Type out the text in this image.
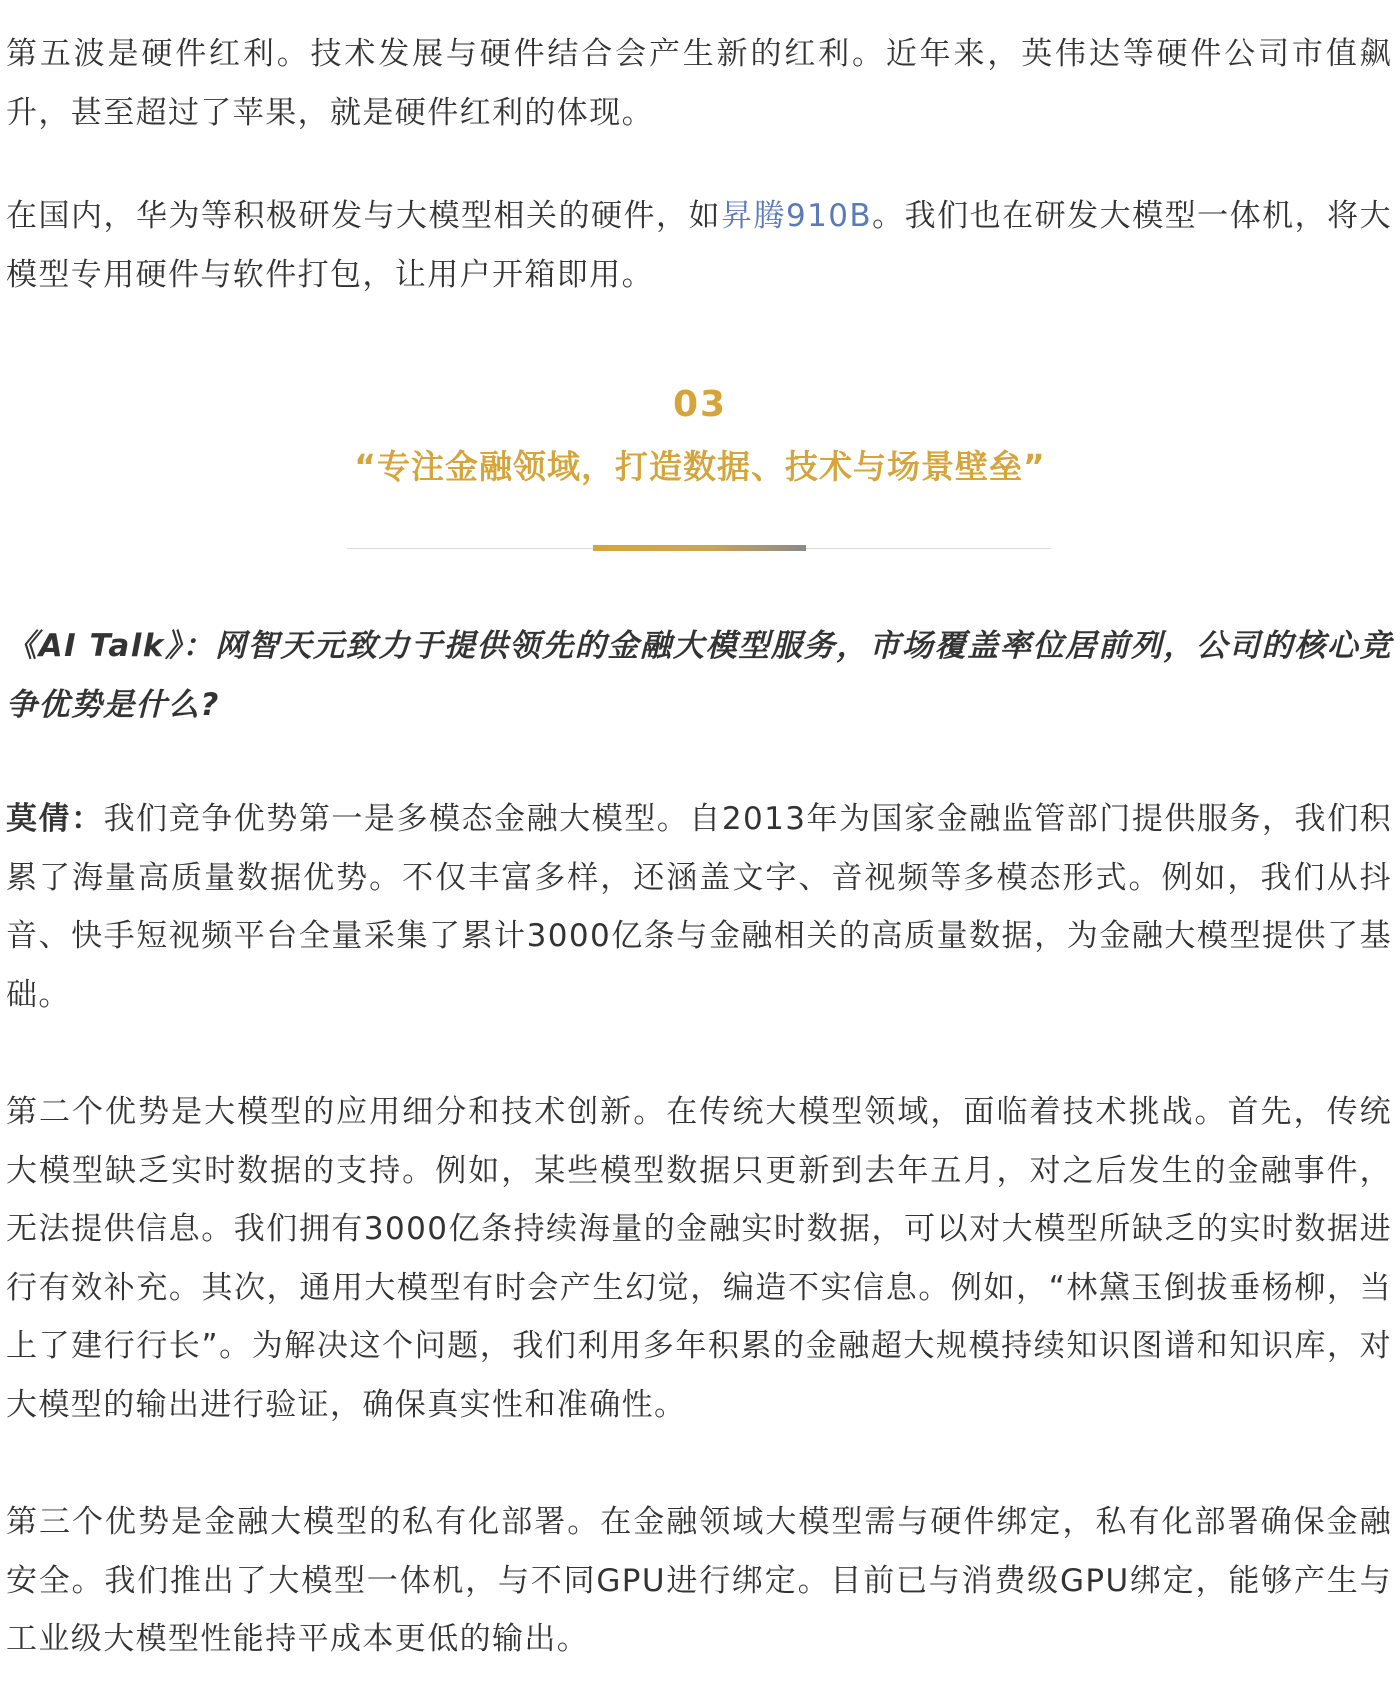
第五波是硬件红利。技术发展与硬件结合会产生新的红利。近年来，英伟达等硬件公司市值飙升，甚至超过了苹果，就是硬件红利的体现。

在国内，华为等积极研发与大模型相关的硬件，如昇腾910B。我们也在研发大模型一体机，将大模型专用硬件与软件打包，让用户开箱即用。

03
“专注金融领域，打造数据、技术与场景壁垒”

《AI Talk》：网智天元致力于提供领先的金融大模型服务，市场覆盖率位居前列，公司的核心竞争优势是什么?

莫倩：我们竞争优势第一是多模态金融大模型。自2013年为国家金融监管部门提供服务，我们积累了海量高质量数据优势。不仅丰富多样，还涵盖文字、音视频等多模态形式。例如，我们从抖音、快手短视频平台全量采集了累计3000亿条与金融相关的高质量数据，为金融大模型提供了基础。

第二个优势是大模型的应用细分和技术创新。在传统大模型领域，面临着技术挑战。首先，传统大模型缺乏实时数据的支持。例如，某些模型数据只更新到去年五月，对之后发生的金融事件，无法提供信息。我们拥有3000亿条持续海量的金融实时数据，可以对大模型所缺乏的实时数据进行有效补充。其次，通用大模型有时会产生幻觉，编造不实信息。例如，“林黛玉倒拔垂杨柳，当上了建行行长”。为解决这个问题，我们利用多年积累的金融超大规模持续知识图谱和知识库，对大模型的输出进行验证，确保真实性和准确性。

第三个优势是金融大模型的私有化部署。在金融领域大模型需与硬件绑定，私有化部署确保金融安全。我们推出了大模型一体机，与不同GPU进行绑定。目前已与消费级GPU绑定，能够产生与工业级大模型性能持平成本更低的输出。
